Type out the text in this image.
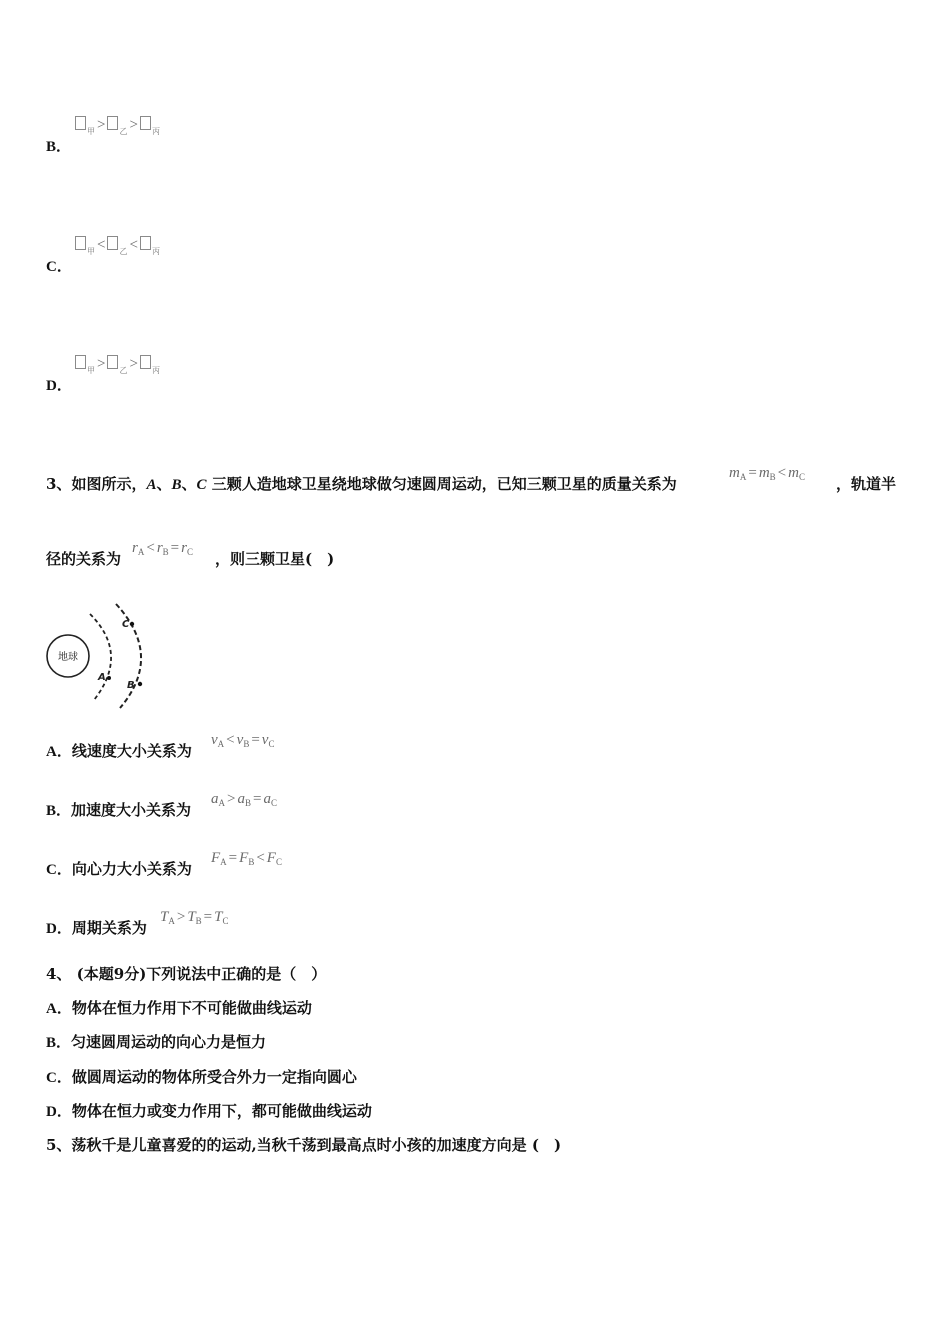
B．
$_甲$ > $_乙$ > $_丙$
C．
$_甲$ < $_乙$ < $_丙$
D．
$_甲$ > $_乙$ > $_丙$
3、如图所示，A、B、C 三颗人造地球卫星绕地球做匀速圆周运动，已知三颗卫星的质量关系为
$m_A = m_B < m_C$ ，轨道半
径的关系为
$r_A < r_B = r_C$ ，则三颗卫星(　)
地球
C
A
B
A．线速度大小关系为
$v_A < v_B = v_C$
B．加速度大小关系为
$a_A > a_B = a_C$
C．向心力大小关系为
$F_A = F_B < F_C$
D．周期关系为
$T_A > T_B = T_C$
4、 (本题9分)下列说法中正确的是（　）
A．物体在恒力作用下不可能做曲线运动
B．匀速圆周运动的向心力是恒力
C．做圆周运动的物体所受合外力一定指向圆心
D．物体在恒力或变力作用下，都可能做曲线运动
5、荡秋千是儿童喜爱的的运动,当秋千荡到最高点时小孩的加速度方向是 (　)
